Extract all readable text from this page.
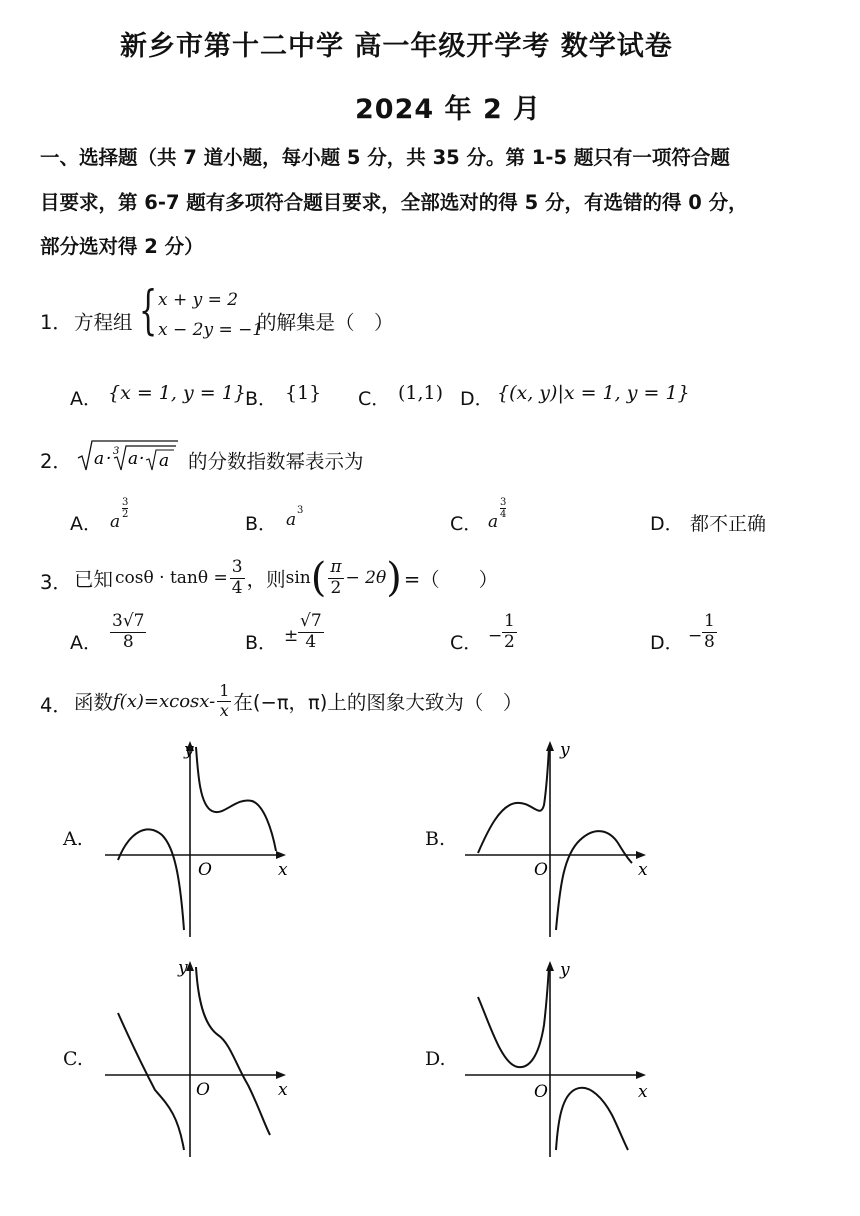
新乡市第十二中学 高一年级开学考 数学试卷
2024 年 2 月
一、选择题（共 7 道小题，每小题 5 分，共 35 分。第 1-5 题只有一项符合题
目要求，第 6-7 题有多项符合题目要求，全部选对的得 5 分，有选错的得 0 分，
部分选对得 2 分）
1． 方程组 { x + y = 2
x − 2y = −1
的解集是（　）
A． {x = 1, y = 1} B． {1} C． (1,1) D． {(x, y)|x = 1, y = 1}
2． a · 3 a · a 的分数指数幂表示为
A． a
$\frac{3}{2}$
B． a 3
C． a
$\frac{3}{4}$
D． 都不正确
3． 已知 $\cos\theta \cdot \tan\theta = \frac{3}{4}$ ，则 sin ( $\frac{\pi}{2} - 2\theta$ ) =（　　）
A． $\frac{3√7}{8}$	B． ± $\frac{√7}{4}$	C． − $\frac{1}{2}$	D． − $\frac{1}{8}$
4． 函数 $f(x)=xcosx- \frac{1}{x}$ 在(−π，π)上的图象大致为（　）
A.
y
x
O
B.
y
x
O
C.
y
x
O
D.
y
x
O
